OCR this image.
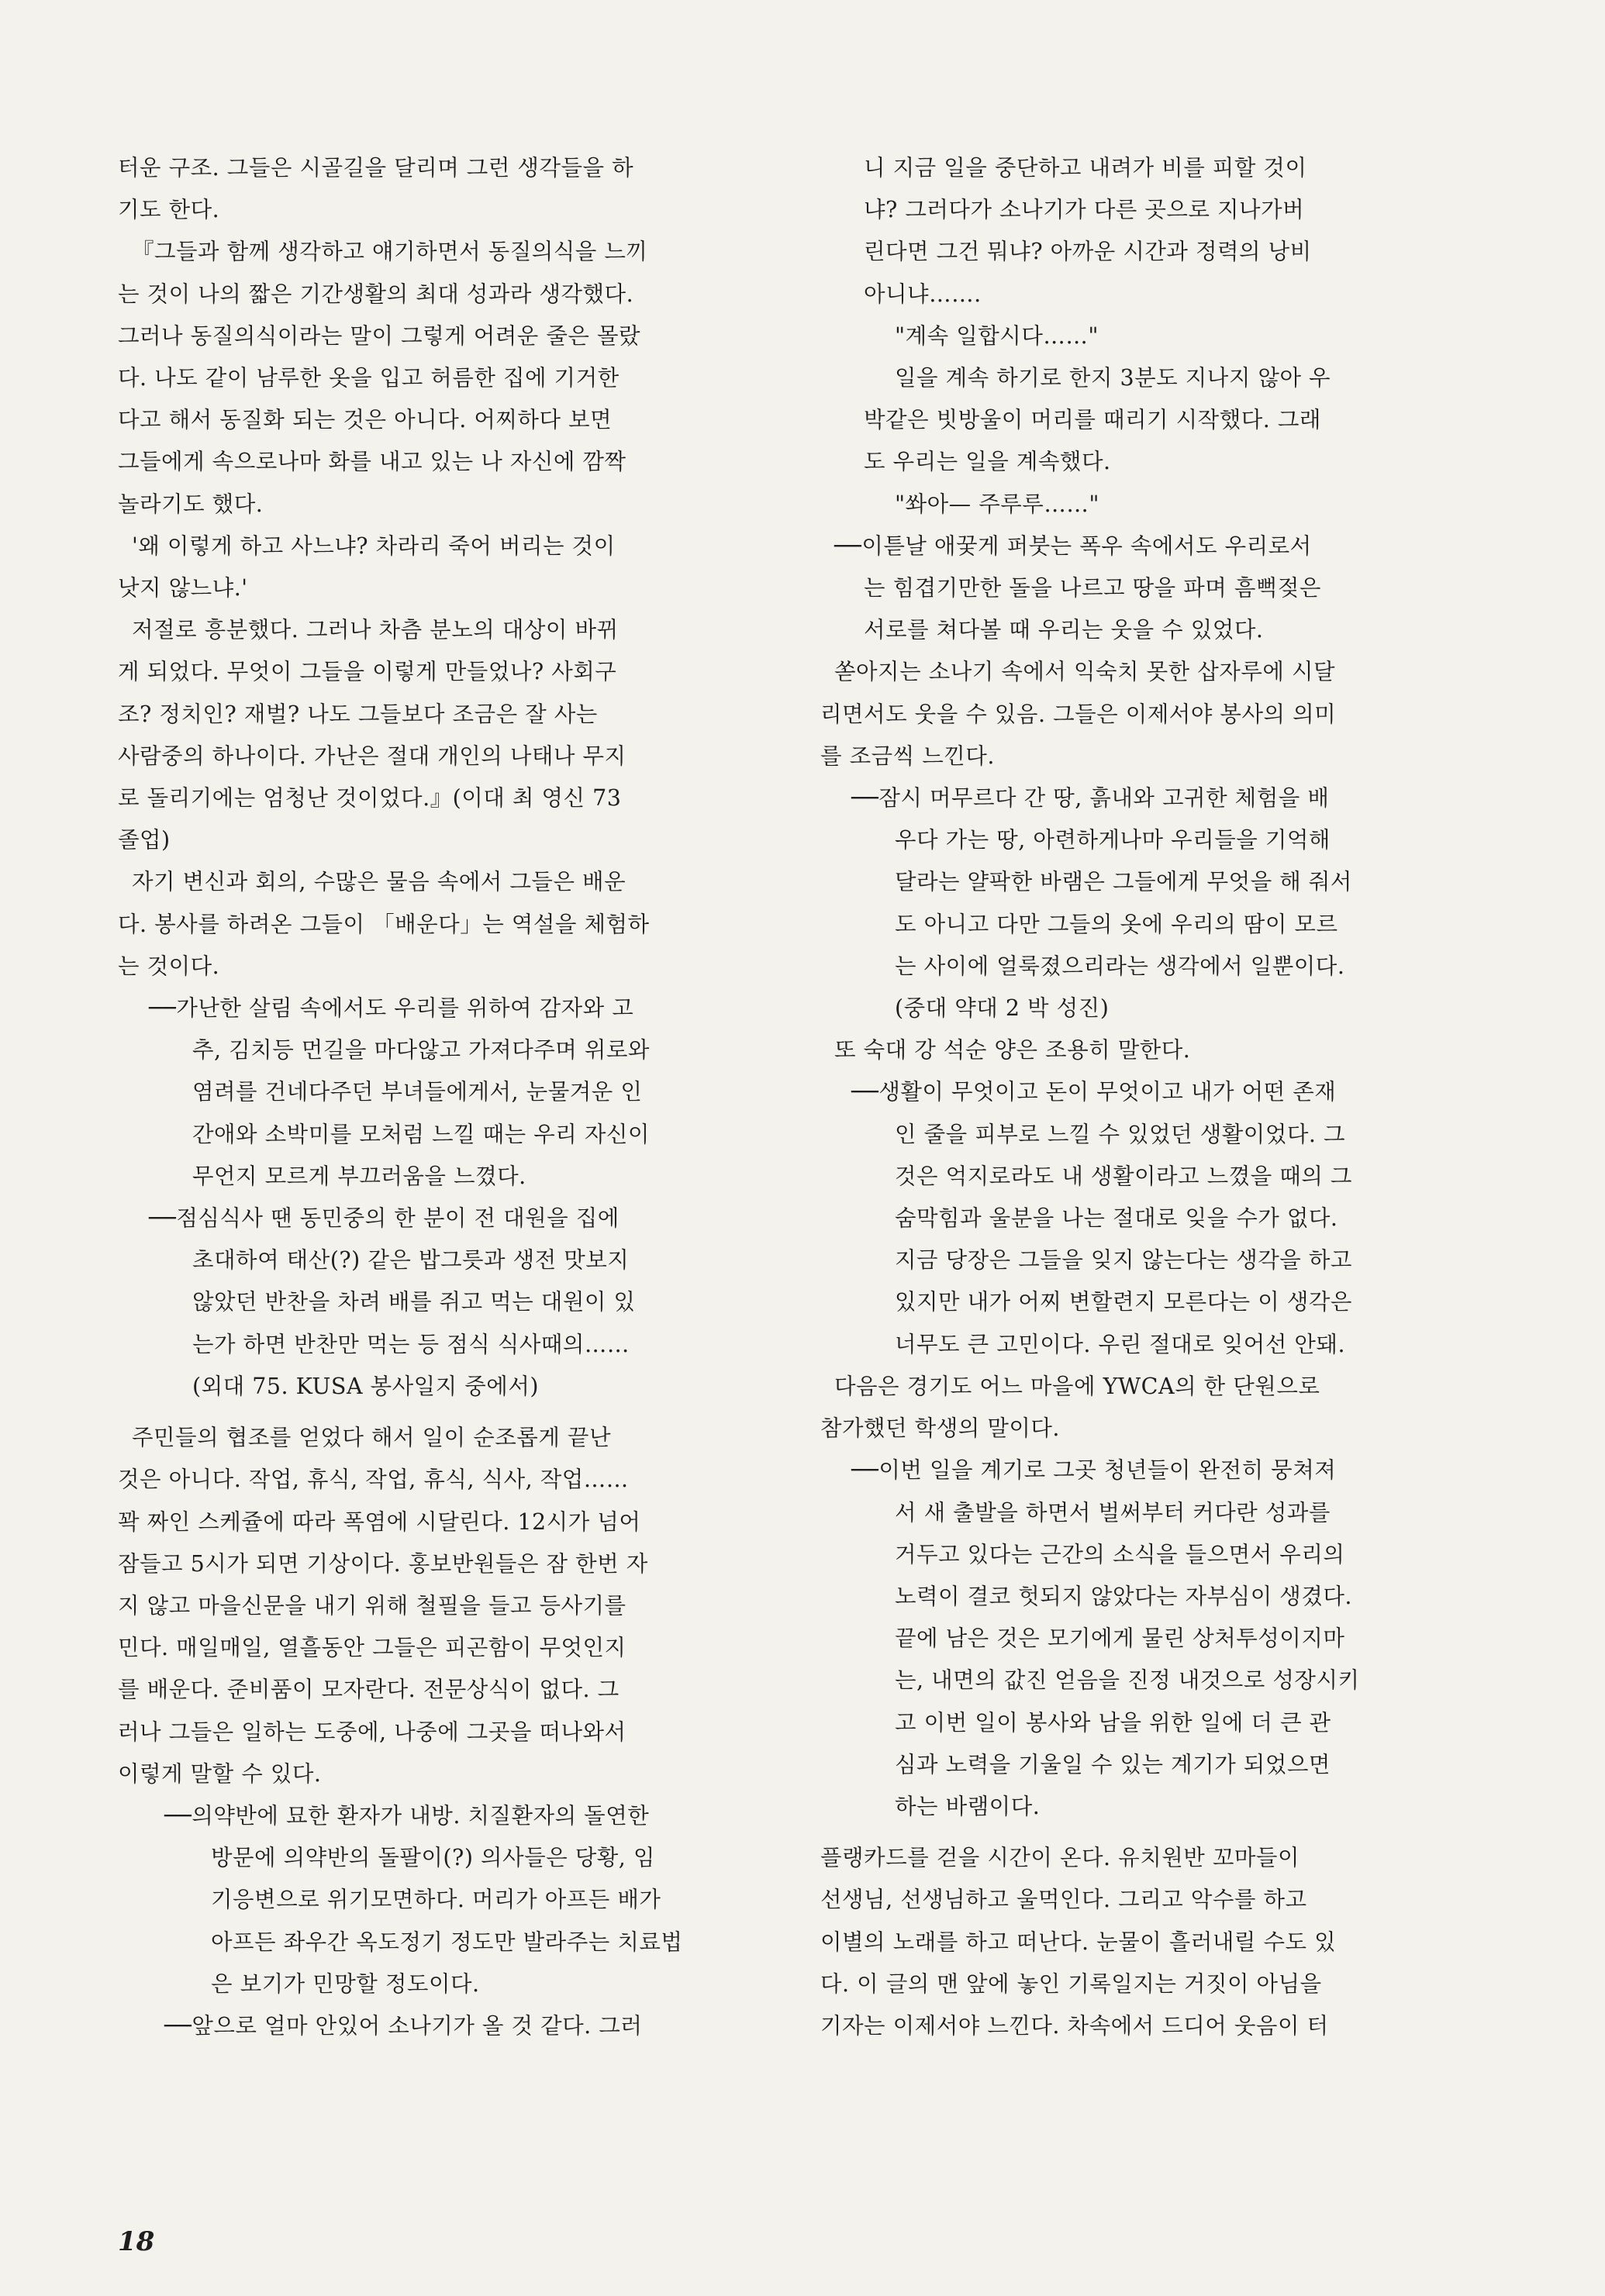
터운 구조. 그들은 시골길을 달리며 그런 생각들을 하

기도 한다.

『그들과 함께 생각하고 얘기하면서 동질의식을 느끼

는 것이 나의 짧은 기간생활의 최대 성과라 생각했다.

그러나 동질의식이라는 말이 그렇게 어려운 줄은 몰랐

다. 나도 같이 남루한 옷을 입고 허름한 집에 기거한

다고 해서 동질화 되는 것은 아니다. 어찌하다 보면

그들에게 속으로나마 화를 내고 있는 나 자신에 깜짝

놀라기도 했다.

'왜 이렇게 하고 사느냐? 차라리 죽어 버리는 것이

낫지 않느냐.'

저절로 흥분했다. 그러나 차츰 분노의 대상이 바뀌

게 되었다. 무엇이 그들을 이렇게 만들었나? 사회구

조? 정치인? 재벌? 나도 그들보다 조금은 잘 사는

사람중의 하나이다. 가난은 절대 개인의 나태나 무지

로 돌리기에는 엄청난 것이었다.』(이대 최 영신 73

졸업)

자기 변신과 회의, 수많은 물음 속에서 그들은 배운

다. 봉사를 하려온 그들이 「배운다」는 역설을 체험하

는 것이다.

──가난한 살림 속에서도 우리를 위하여 감자와 고

추, 김치등 먼길을 마다않고 가져다주며 위로와

염려를 건네다주던 부녀들에게서, 눈물겨운 인

간애와 소박미를 모처럼 느낄 때는 우리 자신이

무언지 모르게 부끄러움을 느꼈다.

──점심식사 땐 동민중의 한 분이 전 대원을 집에

초대하여 태산(?) 같은 밥그릇과 생전 맛보지

않았던 반찬을 차려 배를 쥐고 먹는 대원이 있

는가 하면 반찬만 먹는 등 점식 식사때의……

(외대 75. KUSA 봉사일지 중에서)

주민들의 협조를 얻었다 해서 일이 순조롭게 끝난

것은 아니다. 작업, 휴식, 작업, 휴식, 식사, 작업……

꽉 짜인 스케쥴에 따라 폭염에 시달린다. 12시가 넘어

잠들고 5시가 되면 기상이다. 홍보반원들은 잠 한번 자

지 않고 마을신문을 내기 위해 철필을 들고 등사기를

민다. 매일매일, 열흘동안 그들은 피곤함이 무엇인지

를 배운다. 준비품이 모자란다. 전문상식이 없다. 그

러나 그들은 일하는 도중에, 나중에 그곳을 떠나와서

이렇게 말할 수 있다.

──의약반에 묘한 환자가 내방. 치질환자의 돌연한

방문에 의약반의 돌팔이(?) 의사들은 당황, 임

기응변으로 위기모면하다. 머리가 아프든 배가

아프든 좌우간 옥도정기 정도만 발라주는 치료법

은 보기가 민망할 정도이다.

──앞으로 얼마 안있어 소나기가 올 것 같다. 그러

니 지금 일을 중단하고 내려가 비를 피할 것이

냐? 그러다가 소나기가 다른 곳으로 지나가버

린다면 그건 뭐냐? 아까운 시간과 정력의 낭비

아니냐…….

"계속 일합시다……"

일을 계속 하기로 한지 3분도 지나지 않아 우

박같은 빗방울이 머리를 때리기 시작했다. 그래

도 우리는 일을 계속했다.

"쏴아— 주루루……"

──이튿날 애꿎게 퍼붓는 폭우 속에서도 우리로서

는 힘겹기만한 돌을 나르고 땅을 파며 흠뻑젖은

서로를 쳐다볼 때 우리는 웃을 수 있었다.

쏟아지는 소나기 속에서 익숙치 못한 삽자루에 시달

리면서도 웃을 수 있음. 그들은 이제서야 봉사의 의미

를 조금씩 느낀다.

──잠시 머무르다 간 땅, 흙내와 고귀한 체험을 배

우다 가는 땅, 아련하게나마 우리들을 기억해

달라는 얄팍한 바램은 그들에게 무엇을 해 줘서

도 아니고 다만 그들의 옷에 우리의 땀이 모르

는 사이에 얼룩졌으리라는 생각에서 일뿐이다.

(중대 약대 2 박 성진)

또 숙대 강 석순 양은 조용히 말한다.

──생활이 무엇이고 돈이 무엇이고 내가 어떤 존재

인 줄을 피부로 느낄 수 있었던 생활이었다. 그

것은 억지로라도 내 생활이라고 느꼈을 때의 그

숨막힘과 울분을 나는 절대로 잊을 수가 없다.

지금 당장은 그들을 잊지 않는다는 생각을 하고

있지만 내가 어찌 변할련지 모른다는 이 생각은

너무도 큰 고민이다. 우린 절대로 잊어선 안돼.

다음은 경기도 어느 마을에 YWCA의 한 단원으로

참가했던 학생의 말이다.

──이번 일을 계기로 그곳 청년들이 완전히 뭉쳐져

서 새 출발을 하면서 벌써부터 커다란 성과를

거두고 있다는 근간의 소식을 들으면서 우리의

노력이 결코 헛되지 않았다는 자부심이 생겼다.

끝에 남은 것은 모기에게 물린 상처투성이지마

는, 내면의 값진 얻음을 진정 내것으로 성장시키

고 이번 일이 봉사와 남을 위한 일에 더 큰 관

심과 노력을 기울일 수 있는 계기가 되었으면

하는 바램이다.

플랭카드를 걷을 시간이 온다. 유치원반 꼬마들이

선생님, 선생님하고 울먹인다. 그리고 악수를 하고

이별의 노래를 하고 떠난다. 눈물이 흘러내릴 수도 있

다. 이 글의 맨 앞에 놓인 기록일지는 거짓이 아님을

기자는 이제서야 느낀다. 차속에서 드디어 웃음이 터

18
